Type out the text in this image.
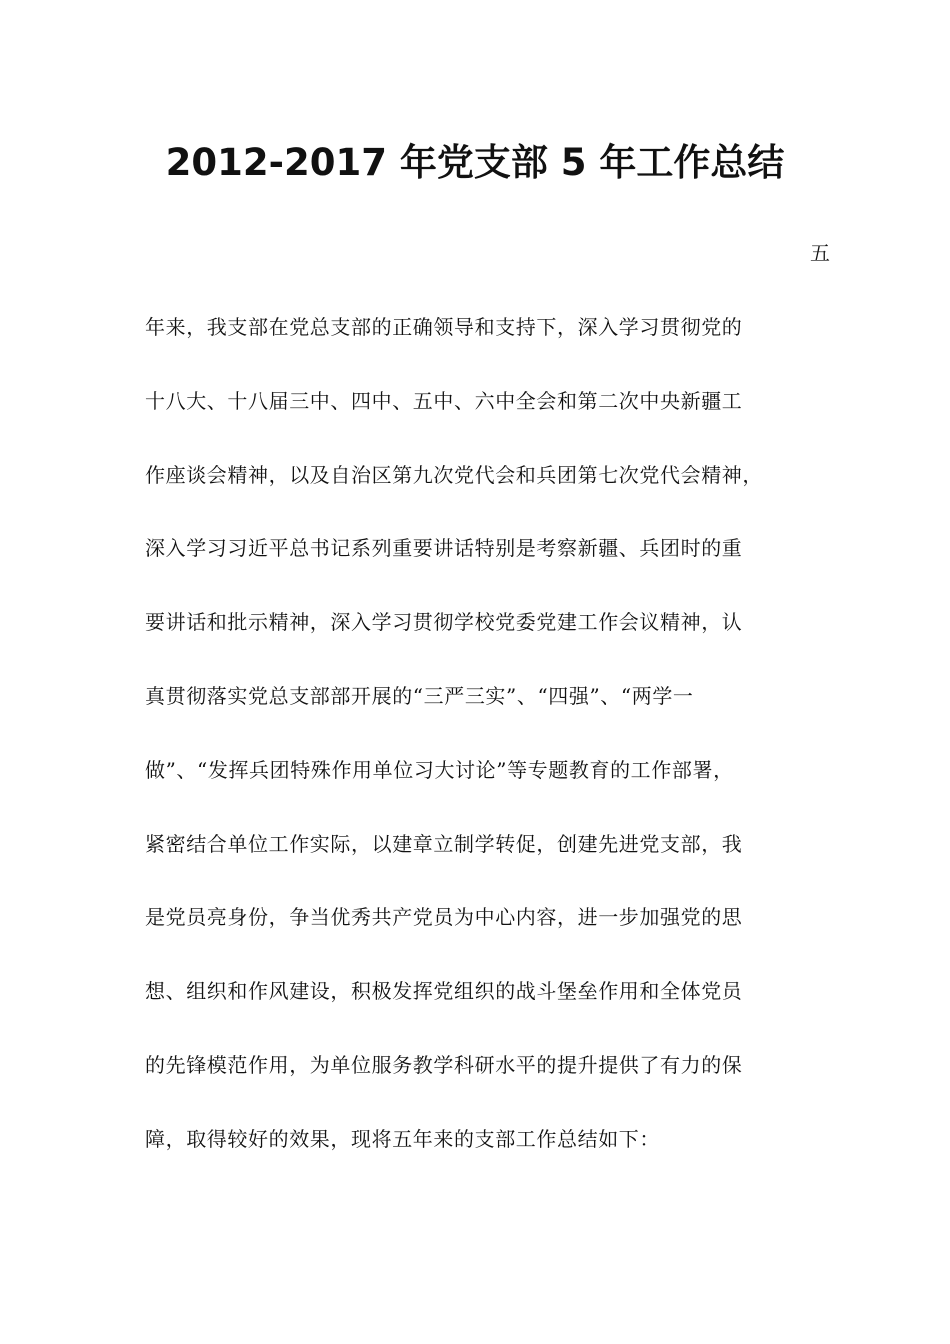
2012-2017 年党支部 5 年工作总结
五
年来，我支部在党总支部的正确领导和支持下，深入学习贯彻党的
十八大、十八届三中、四中、五中、六中全会和第二次中央新疆工
作座谈会精神，以及自治区第九次党代会和兵团第七次党代会精神，
深入学习习近平总书记系列重要讲话特别是考察新疆、兵团时的重
要讲话和批示精神，深入学习贯彻学校党委党建工作会议精神，认
真贯彻落实党总支部部开展的“三严三实”、“四强”、“两学一
做”、“发挥兵团特殊作用单位习大讨论”等专题教育的工作部署，
紧密结合单位工作实际，以建章立制学转促，创建先进党支部，我
是党员亮身份，争当优秀共产党员为中心内容，进一步加强党的思
想、组织和作风建设，积极发挥党组织的战斗堡垒作用和全体党员
的先锋模范作用，为单位服务教学科研水平的提升提供了有力的保
障，取得较好的效果，现将五年来的支部工作总结如下：
